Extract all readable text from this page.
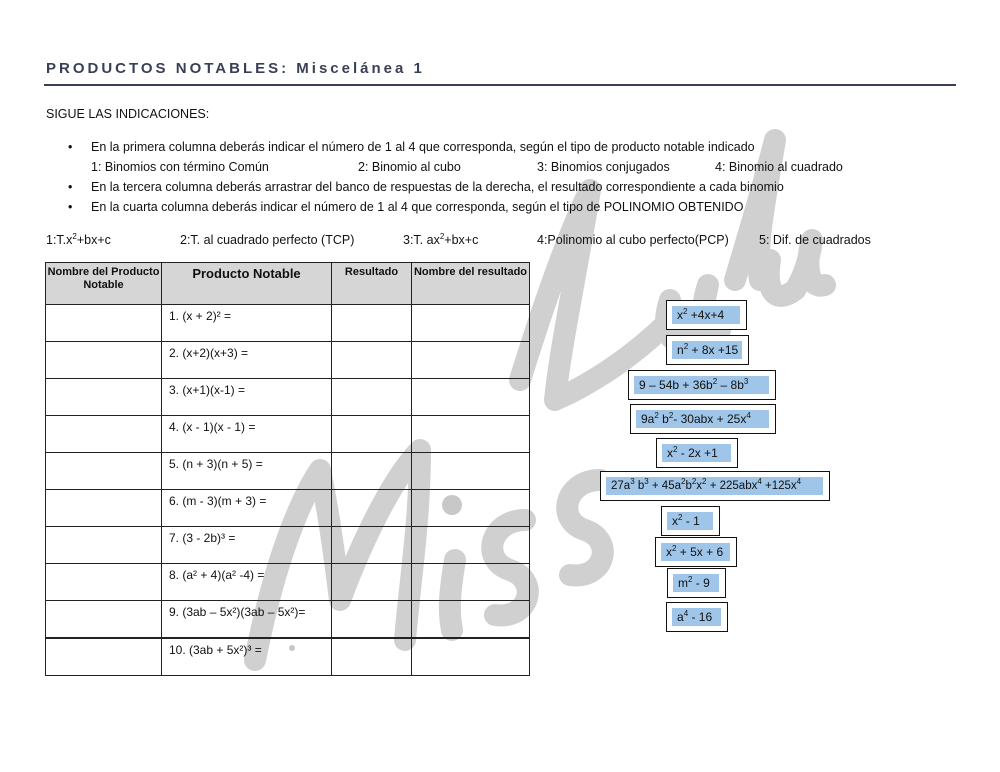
PRODUCTOS NOTABLES: Miscelánea 1
SIGUE LAS INDICACIONES:
• En la primera columna deberás indicar el número de 1 al 4 que corresponda, según el tipo de producto notable indicado
1: Binomios con término Común	2: Binomio al cubo	3: Binomios conjugados	4: Binomio al cuadrado
• En la tercera columna deberás arrastrar del banco de respuestas de la derecha, el resultado correspondiente a cada binomio
• En la cuarta columna deberás indicar el número de 1 al 4 que corresponda, según el tipo de POLINOMIO OBTENIDO
$1:T.x^2+bx+c$	2:T. al cuadrado perfecto (TCP)	3:T. $ax^2+bx+c$	4:Polinomio al cubo perfecto(PCP) 5: Dif. de cuadrados
Nombre del Producto Notable	Producto Notable	Resultado	Nombre del resultado
	1. (x + 2)² =		
	2. (x+2)(x+3) =		
	3. (x+1)(x-1) =		
	4. (x - 1)(x - 1) =		
	5. (n + 3)(n + 5) =		
	6. (m - 3)(m + 3) =		
	7. (3 - 2b)³ =		
	8. (a² + 4)(a² -4) =		
	9. (3ab – 5x²)(3ab – 5x²)=		
	10. (3ab + 5x²)³ =		
$x^2 +4x+4$
$n^2 + 8x +15$
$9 - 54b + 36b^2 - 8b^3$
$9a^2$ $b^2-$ $30abx + 25x^4$
$x^2 - 2x +1$
$27a^3$ $b^3 + 45a^2b^2x^2 + 225abx^4 +125x^4$
$x^2 - 1$
$x^2 + 5x + 6$
$m^2 - 9$
$a^4 - 16$
